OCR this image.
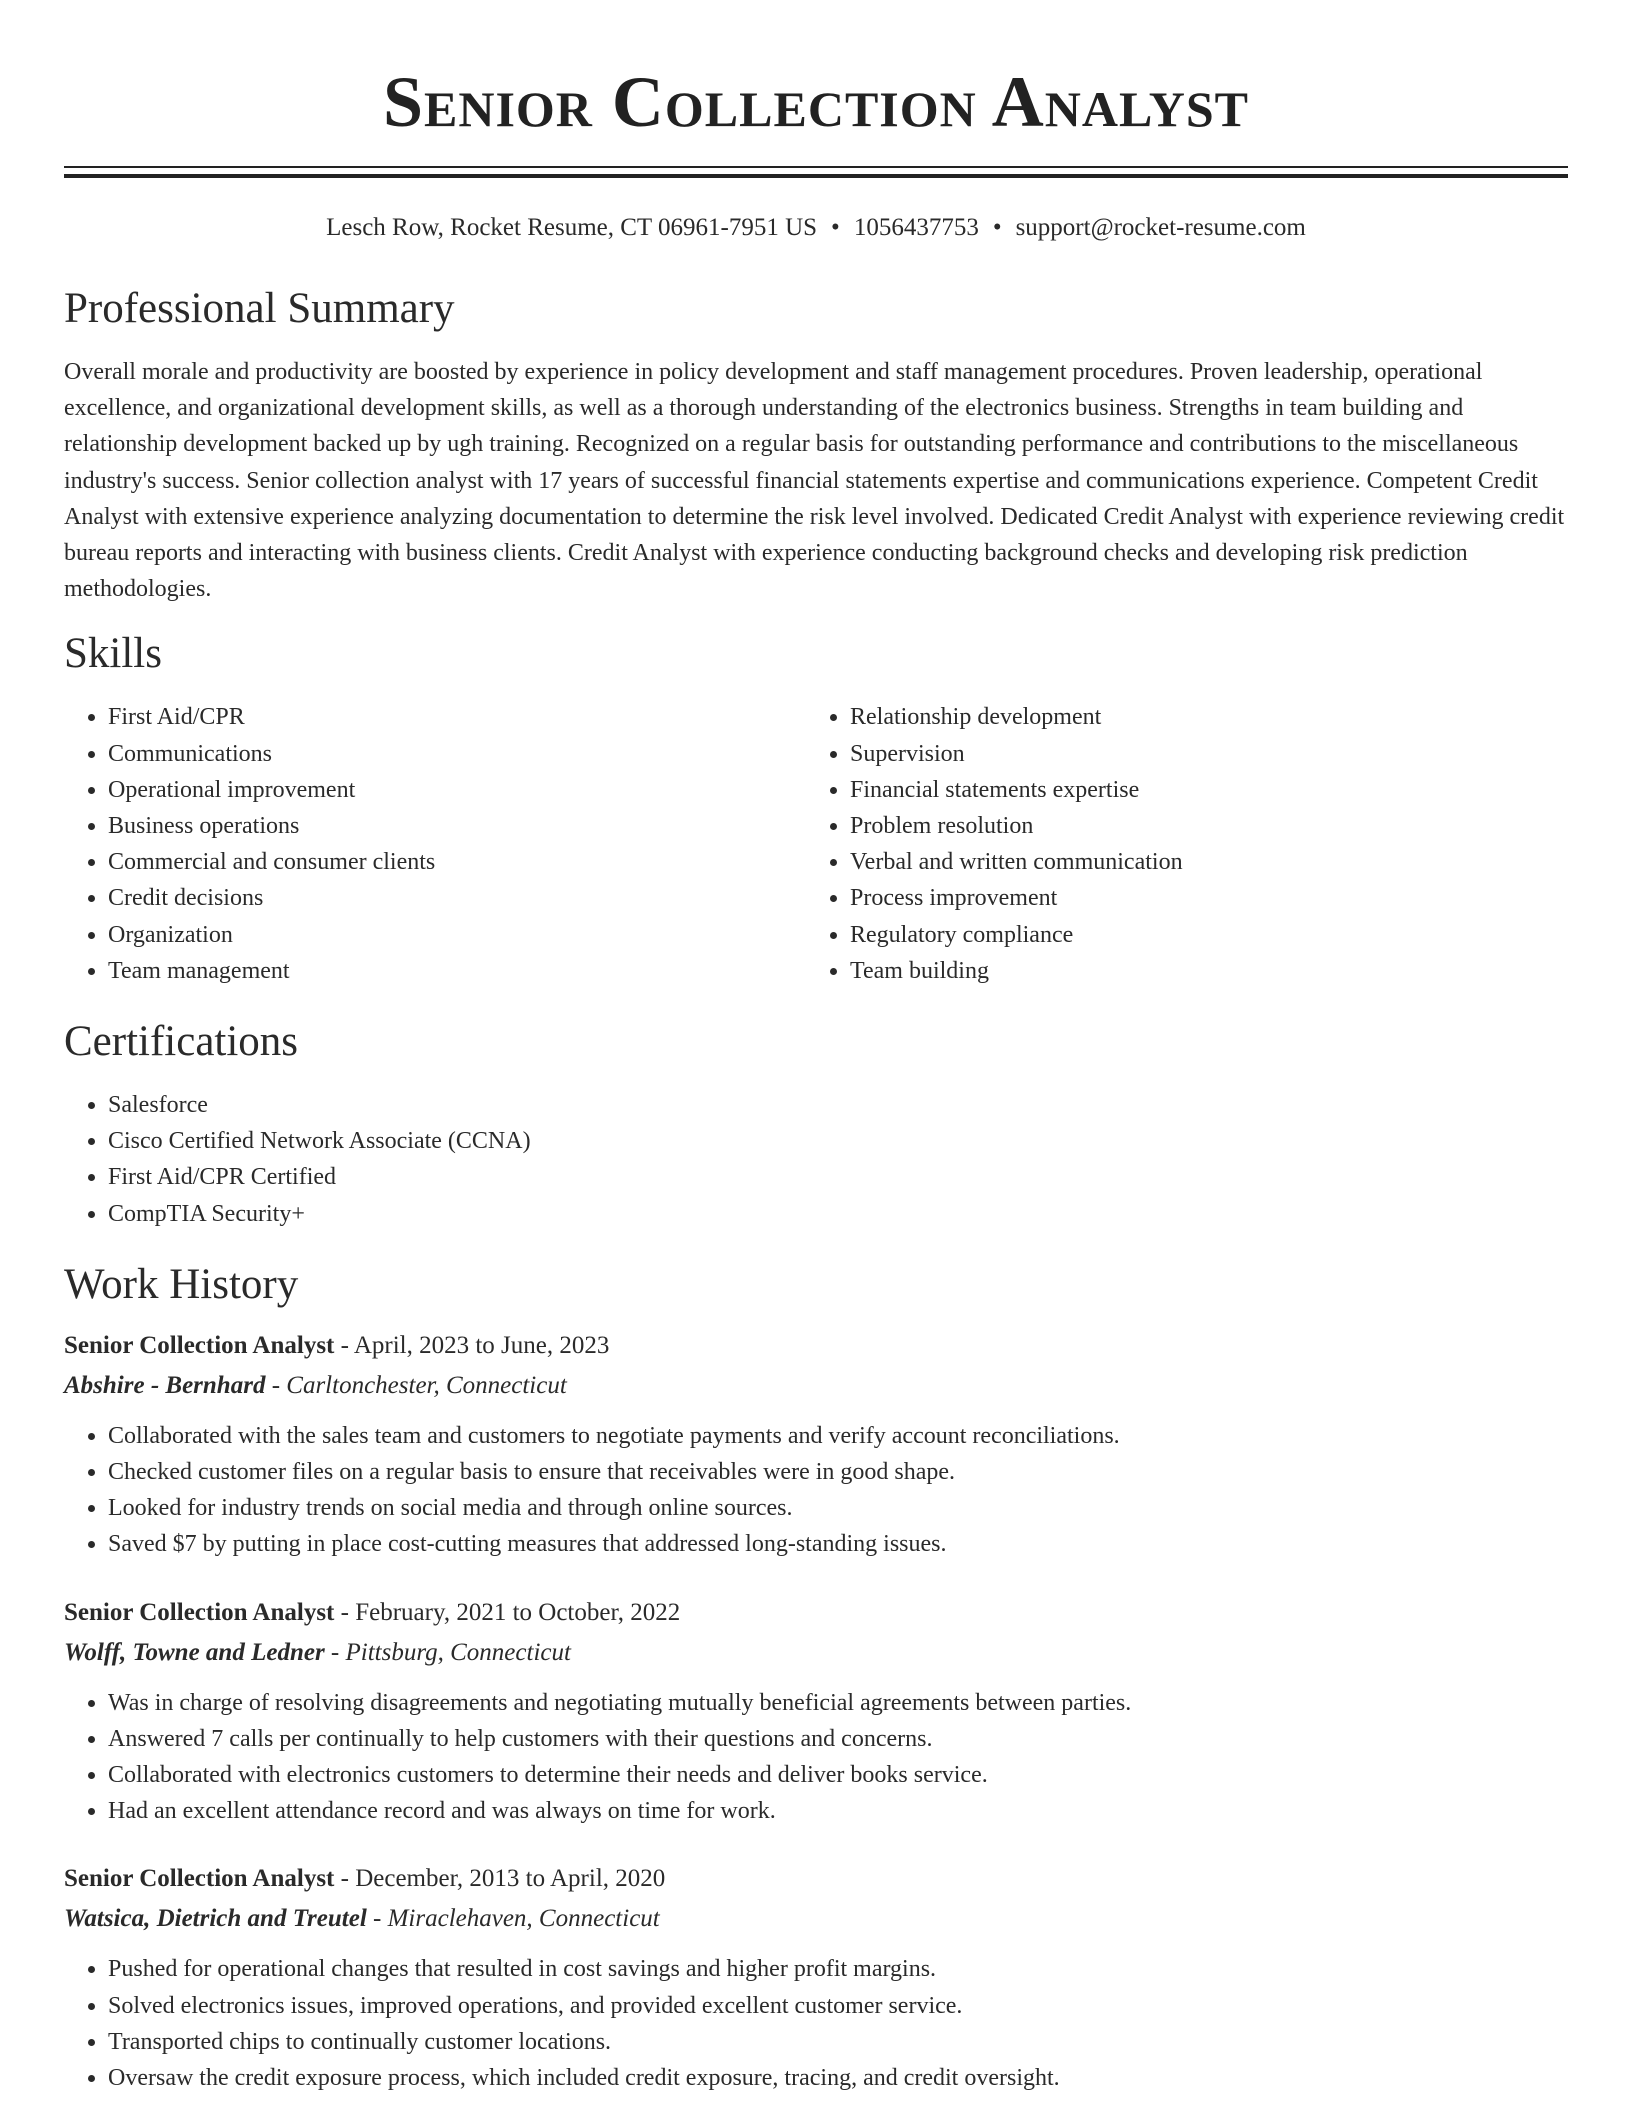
Senior Collection Analyst
Lesch Row, Rocket Resume, CT 06961-7951 US • 1056437753 • support@rocket-resume.com
Professional Summary

Overall morale and productivity are boosted by experience in policy development and staff management procedures. Proven leadership, operational excellence, and organizational development skills, as well as a thorough understanding of the electronics business. Strengths in team building and relationship development backed up by ugh training. Recognized on a regular basis for outstanding performance and contributions to the miscellaneous industry's success. Senior collection analyst with 17 years of successful financial statements expertise and communications experience. Competent Credit Analyst with extensive experience analyzing documentation to determine the risk level involved. Dedicated Credit Analyst with experience reviewing credit bureau reports and interacting with business clients. Credit Analyst with experience conducting background checks and developing risk prediction methodologies.

Skills
• First Aid/CPR
• Communications
• Operational improvement
• Business operations
• Commercial and consumer clients
• Credit decisions
• Organization
• Team management
• Relationship development
• Supervision
• Financial statements expertise
• Problem resolution
• Verbal and written communication
• Process improvement
• Regulatory compliance
• Team building
Certifications
• Salesforce
• Cisco Certified Network Associate (CCNA)
• First Aid/CPR Certified
• CompTIA Security+
Work History
Senior Collection Analyst - April, 2023 to June, 2023
Abshire - Bernhard - Carltonchester, Connecticut
• Collaborated with the sales team and customers to negotiate payments and verify account reconciliations.
• Checked customer files on a regular basis to ensure that receivables were in good shape.
• Looked for industry trends on social media and through online sources.
• Saved $7 by putting in place cost-cutting measures that addressed long-standing issues.
Senior Collection Analyst - February, 2021 to October, 2022
Wolff, Towne and Ledner - Pittsburg, Connecticut
• Was in charge of resolving disagreements and negotiating mutually beneficial agreements between parties.
• Answered 7 calls per continually to help customers with their questions and concerns.
• Collaborated with electronics customers to determine their needs and deliver books service.
• Had an excellent attendance record and was always on time for work.
Senior Collection Analyst - December, 2013 to April, 2020
Watsica, Dietrich and Treutel - Miraclehaven, Connecticut
• Pushed for operational changes that resulted in cost savings and higher profit margins.
• Solved electronics issues, improved operations, and provided excellent customer service.
• Transported chips to continually customer locations.
• Oversaw the credit exposure process, which included credit exposure, tracing, and credit oversight.
